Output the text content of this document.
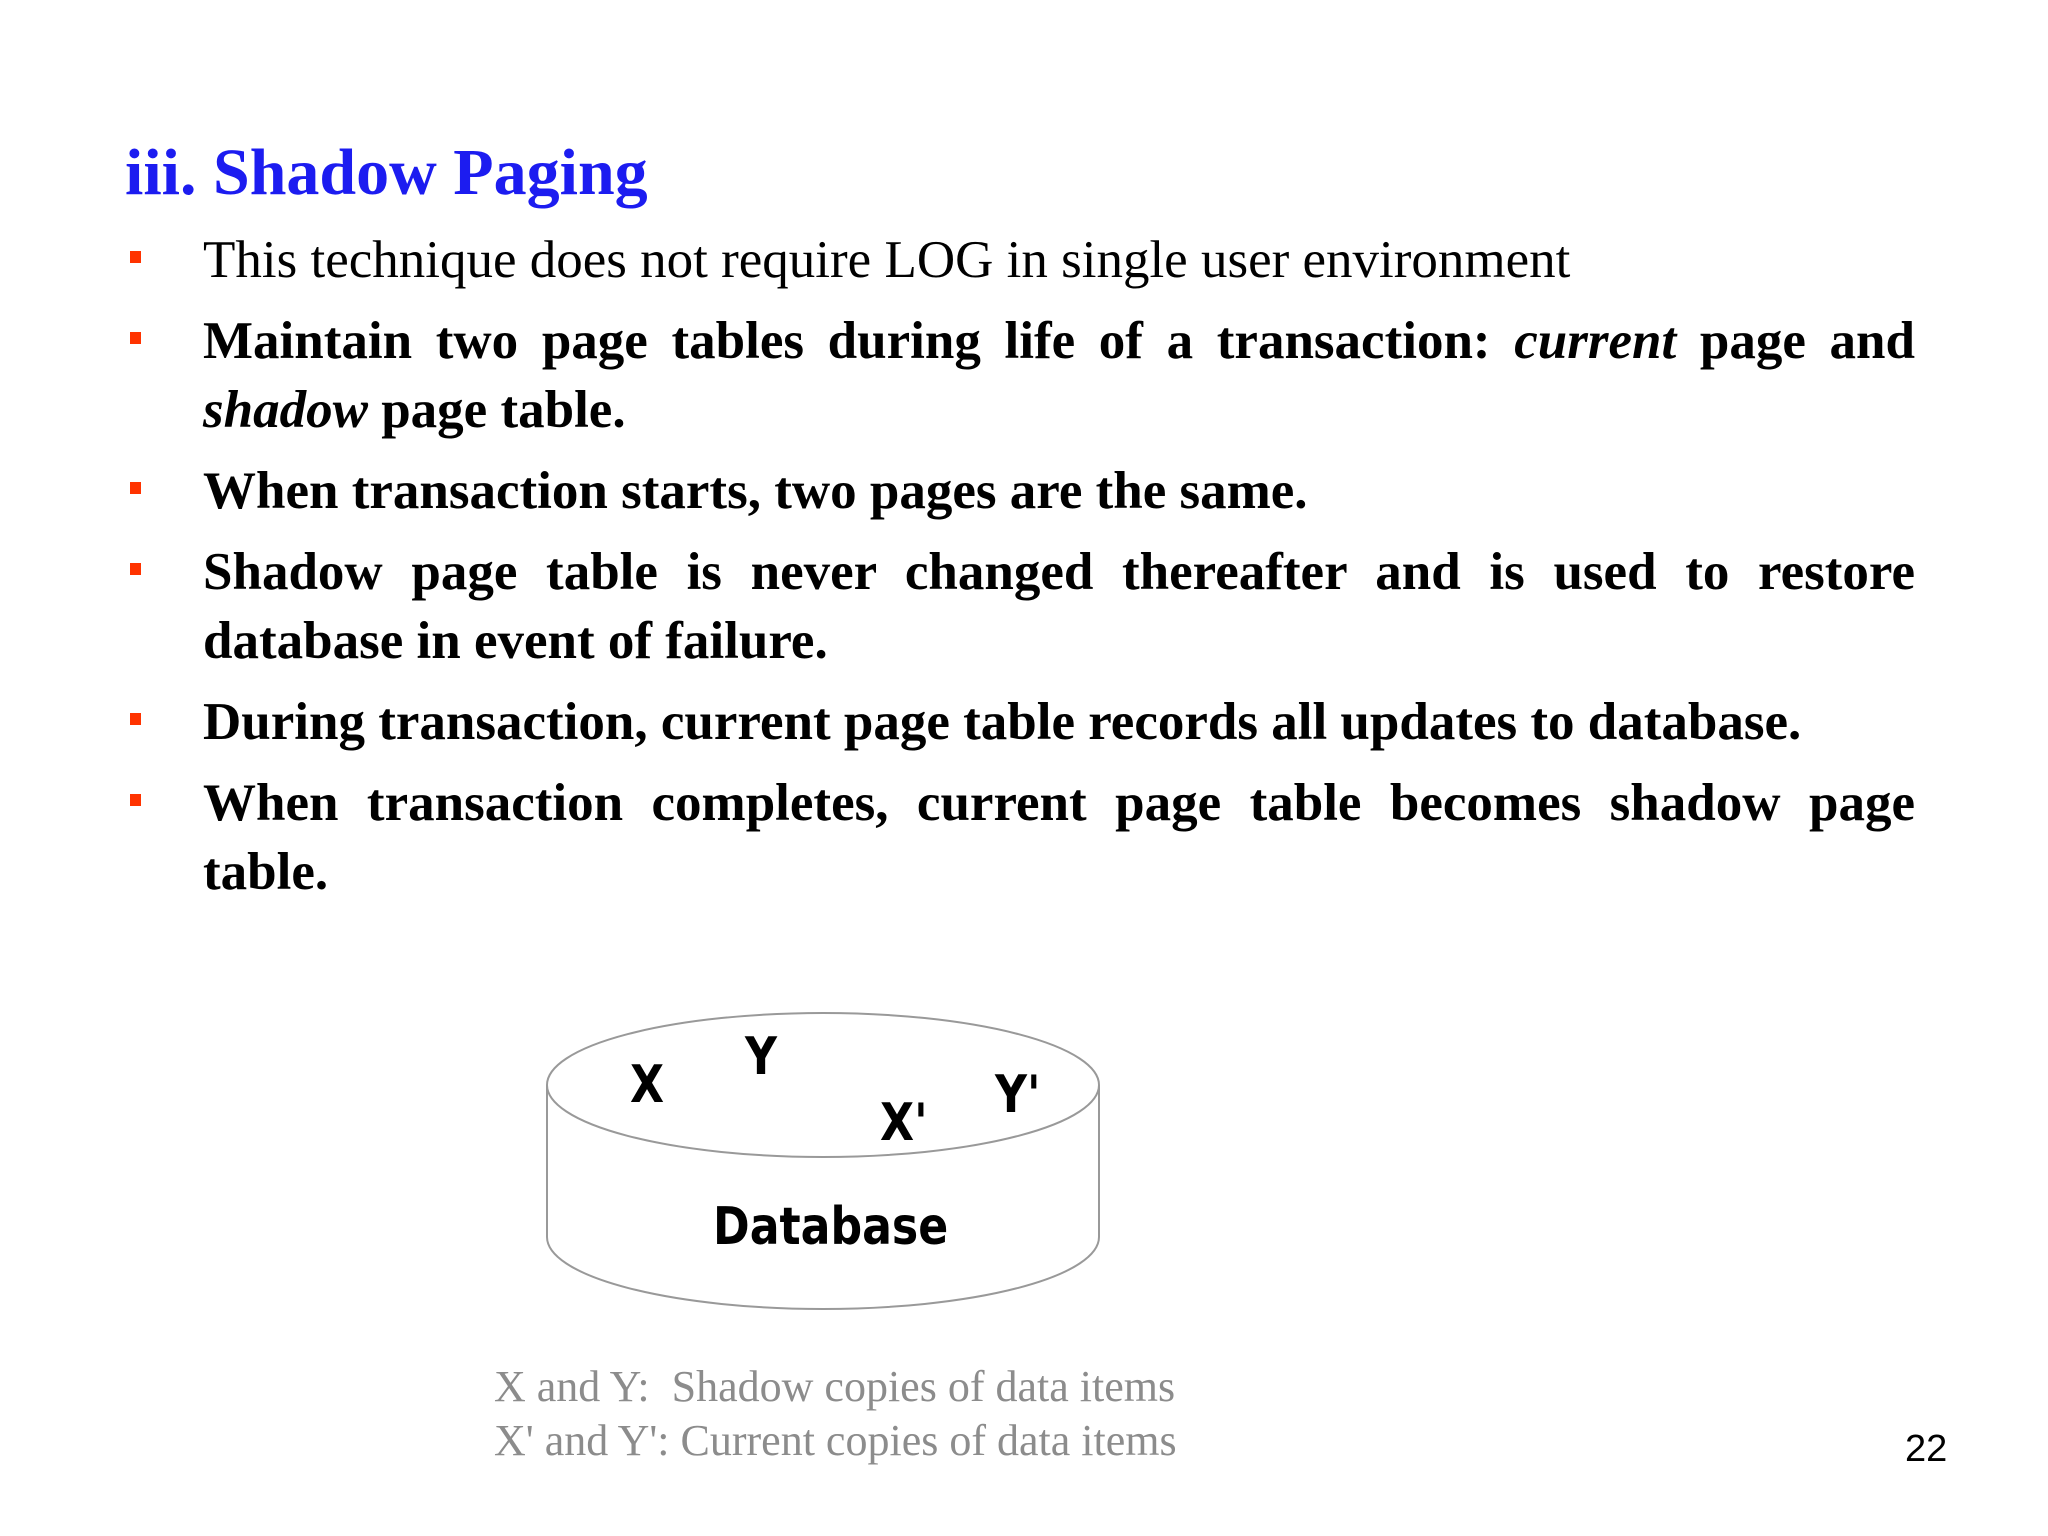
iii. Shadow Paging
This technique does not require LOG in single user environment
Maintain two page tables during life of a transaction: current page and shadow page table.
When transaction starts, two pages are the same.
Shadow page table is never changed thereafter and is used to restore database in event of failure.
During transaction, current page table records all updates to database.
When transaction completes, current page table becomes shadow page table.
X Y
X' Y'
Database
X and Y:  Shadow copies of data items
X' and Y': Current copies of data items	22
